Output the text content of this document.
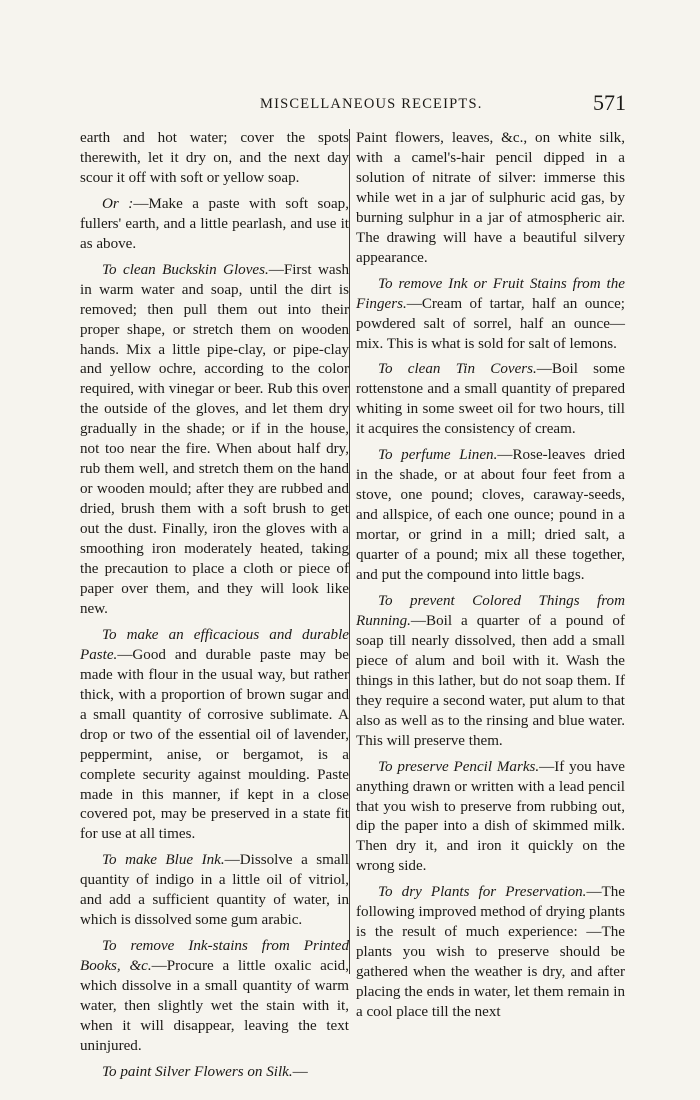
MISCELLANEOUS RECEIPTS.	571

earth and hot water; cover the spots therewith, let it dry on, and the next day scour it off with soft or yellow soap.

Or :—Make a paste with soft soap, fullers' earth, and a little pearlash, and use it as above.

To clean Buckskin Gloves.—First wash in warm water and soap, until the dirt is removed; then pull them out into their proper shape, or stretch them on wooden hands. Mix a little pipe-clay, or pipe-clay and yellow ochre, according to the color required, with vinegar or beer. Rub this over the outside of the gloves, and let them dry gradually in the shade; or if in the house, not too near the fire. When about half dry, rub them well, and stretch them on the hand or wooden mould; after they are rubbed and dried, brush them with a soft brush to get out the dust. Finally, iron the gloves with a smoothing iron moderately heated, taking the precaution to place a cloth or piece of paper over them, and they will look like new.

To make an efficacious and durable Paste.—Good and durable paste may be made with flour in the usual way, but rather thick, with a proportion of brown sugar and a small quantity of corrosive sublimate. A drop or two of the essential oil of lavender, peppermint, anise, or bergamot, is a complete security against moulding. Paste made in this manner, if kept in a close covered pot, may be preserved in a state fit for use at all times.

To make Blue Ink.—Dissolve a small quantity of indigo in a little oil of vitriol, and add a sufficient quantity of water, in which is dissolved some gum arabic.

To remove Ink-stains from Printed Books, &c.—Procure a little oxalic acid, which dissolve in a small quantity of warm water, then slightly wet the stain with it, when it will disappear, leaving the text uninjured.

To paint Silver Flowers on Silk.—

Paint flowers, leaves, &c., on white silk, with a camel's-hair pencil dipped in a solution of nitrate of silver: immerse this while wet in a jar of sulphuric acid gas, by burning sulphur in a jar of atmospheric air. The drawing will have a beautiful silvery appearance.

To remove Ink or Fruit Stains from the Fingers.—Cream of tartar, half an ounce; powdered salt of sorrel, half an ounce—mix. This is what is sold for salt of lemons.

To clean Tin Covers.—Boil some rottenstone and a small quantity of prepared whiting in some sweet oil for two hours, till it acquires the consistency of cream.

To perfume Linen.—Rose-leaves dried in the shade, or at about four feet from a stove, one pound; cloves, caraway-seeds, and allspice, of each one ounce; pound in a mortar, or grind in a mill; dried salt, a quarter of a pound; mix all these together, and put the compound into little bags.

To prevent Colored Things from Running.—Boil a quarter of a pound of soap till nearly dissolved, then add a small piece of alum and boil with it. Wash the things in this lather, but do not soap them. If they require a second water, put alum to that also as well as to the rinsing and blue water. This will preserve them.

To preserve Pencil Marks.—If you have anything drawn or written with a lead pencil that you wish to preserve from rubbing out, dip the paper into a dish of skimmed milk. Then dry it, and iron it quickly on the wrong side.

To dry Plants for Preservation.—The following improved method of drying plants is the result of much experience: —The plants you wish to preserve should be gathered when the weather is dry, and after placing the ends in water, let them remain in a cool place till the next
